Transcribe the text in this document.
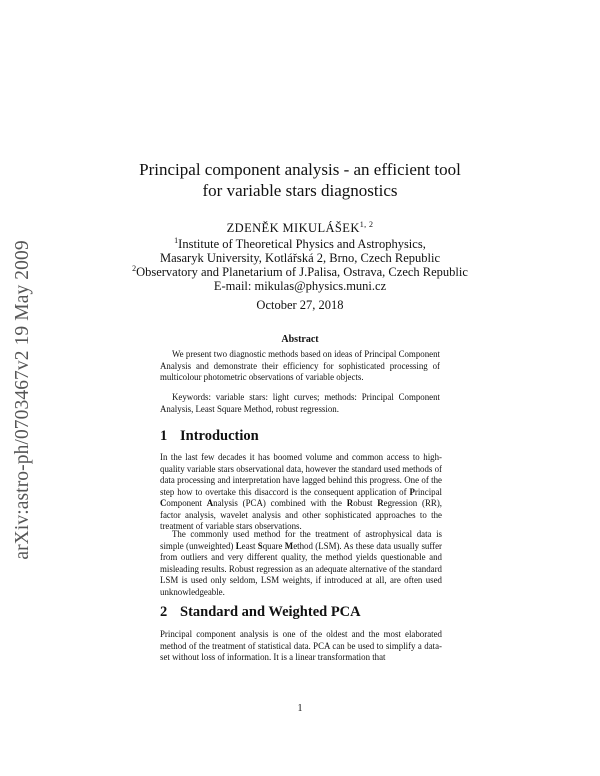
arXiv:astro-ph/0703467v2 19 May 2009
Principal component analysis - an efficient tool
for variable stars diagnostics
ZDENĚK MIKULÁŠEK$^{1, 2}$
$^1$Institute of Theoretical Physics and Astrophysics,
Masaryk University, Kotlářská 2, Brno, Czech Republic
$^2$Observatory and Planetarium of J.Palisa, Ostrava, Czech Republic
E-mail: mikulas@physics.muni.cz
October 27, 2018
Abstract
We present two diagnostic methods based on ideas of Principal Component Analysis and demonstrate their efficiency for sophisticated processing of multicolour photometric observations of variable objects.
Keywords: variable stars: light curves; methods: Principal Component Analysis, Least Square Method, robust regression.
1 Introduction
In the last few decades it has boomed volume and common access to high-quality variable stars observational data, however the standard used methods of data processing and interpretation have lagged behind this progress. One of the step how to overtake this disaccord is the consequent application of Principal Component Analysis (PCA) combined with the Robust Regression (RR), factor analysis, wavelet analysis and other sophisticated approaches to the treatment of variable stars observations.
The commonly used method for the treatment of astrophysical data is simple (unweighted) Least Square Method (LSM). As these data usually suffer from outliers and very different quality, the method yields questionable and misleading results. Robust regression as an adequate alternative of the standard LSM is used only seldom, LSM weights, if introduced at all, are often used unknowledgeable.
2 Standard and Weighted PCA
Principal component analysis is one of the oldest and the most elaborated method of the treatment of statistical data. PCA can be used to simplify a data-set without loss of information. It is a linear transformation that
1
